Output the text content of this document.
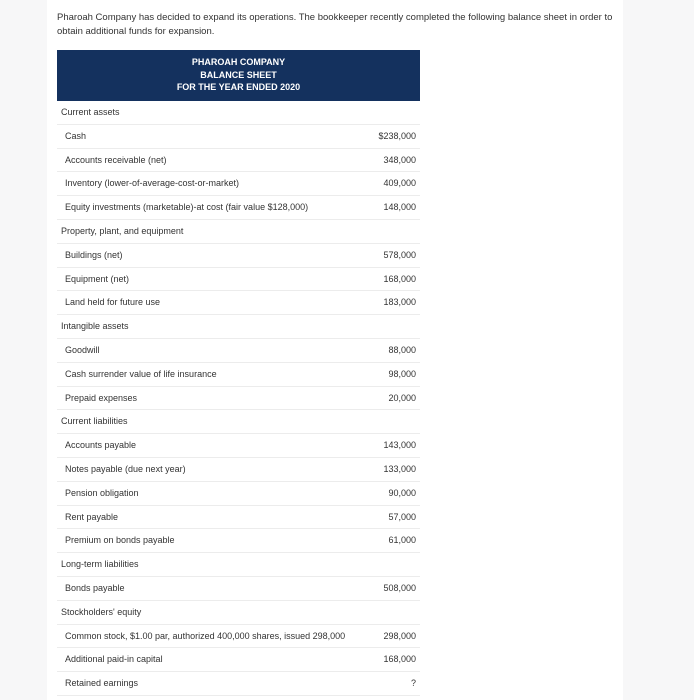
Pharoah Company has decided to expand its operations. The bookkeeper recently completed the following balance sheet in order to obtain additional funds for expansion.
PHAROAH COMPANY
BALANCE SHEET
FOR THE YEAR ENDED 2020
Current assets
Cash	$238,000
Accounts receivable (net)	348,000
Inventory (lower-of-average-cost-or-market)	409,000
Equity investments (marketable)-at cost (fair value $128,000)	148,000
Property, plant, and equipment
Buildings (net)	578,000
Equipment (net)	168,000
Land held for future use	183,000
Intangible assets
Goodwill	88,000
Cash surrender value of life insurance	98,000
Prepaid expenses	20,000
Current liabilities
Accounts payable	143,000
Notes payable (due next year)	133,000
Pension obligation	90,000
Rent payable	57,000
Premium on bonds payable	61,000
Long-term liabilities
Bonds payable	508,000
Stockholders' equity
Common stock, $1.00 par, authorized 400,000 shares, issued 298,000	298,000
Additional paid-in capital	168,000
Retained earnings	?
